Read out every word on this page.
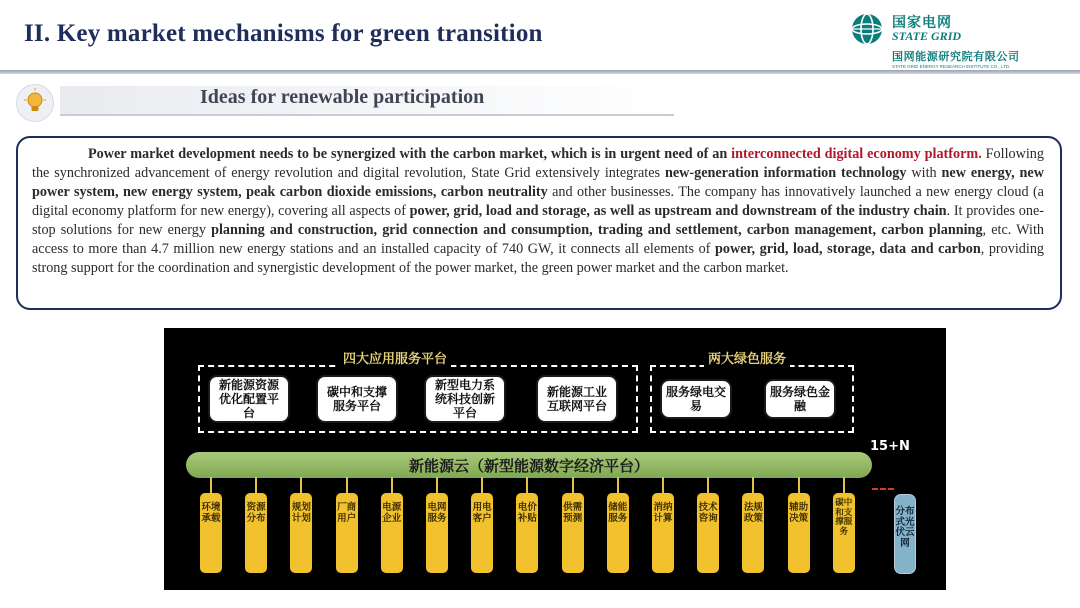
II. Key market mechanisms for green transition	国家电网
STATE GRID
国网能源研究院有限公司
STATE GRID ENERGY RESEARCH INSTITUTE CO., LTD.
Ideas for renewable participation
Power market development needs to be synergized with the carbon market, which is in urgent need of an interconnected digital economy platform. Following the synchronized advancement of energy revolution and digital revolution, State Grid extensively integrates new-generation information technology with new energy, new power system, new energy system, peak carbon dioxide emissions, carbon neutrality and other businesses. The company has innovatively launched a new energy cloud (a digital economy platform for new energy), covering all aspects of power, grid, load and storage, as well as upstream and downstream of the industry chain. It provides one-stop solutions for new energy planning and construction, grid connection and consumption, trading and settlement, carbon management, carbon planning, etc. With access to more than 4.7 million new energy stations and an installed capacity of 740 GW, it connects all elements of power, grid, load, storage, data and carbon, providing strong support for the coordination and synergistic development of the power market, the green power market and the carbon market.
四大应用服务平台	两大绿色服务
15+N
新能源云（新型能源数字经济平台）
分布式光伏云网
新能源资源优化配置平台
碳中和支撑服务平台
新型电力系统科技创新平台
新能源工业互联网平台
服务绿电交易
服务绿色金融
环境承载
资源分布
规划计划
厂商用户
电源企业
电网服务
用电客户
电价补贴
供需预测
储能服务
消纳计算
技术咨询
法规政策
辅助决策
碳中和支撑服务
